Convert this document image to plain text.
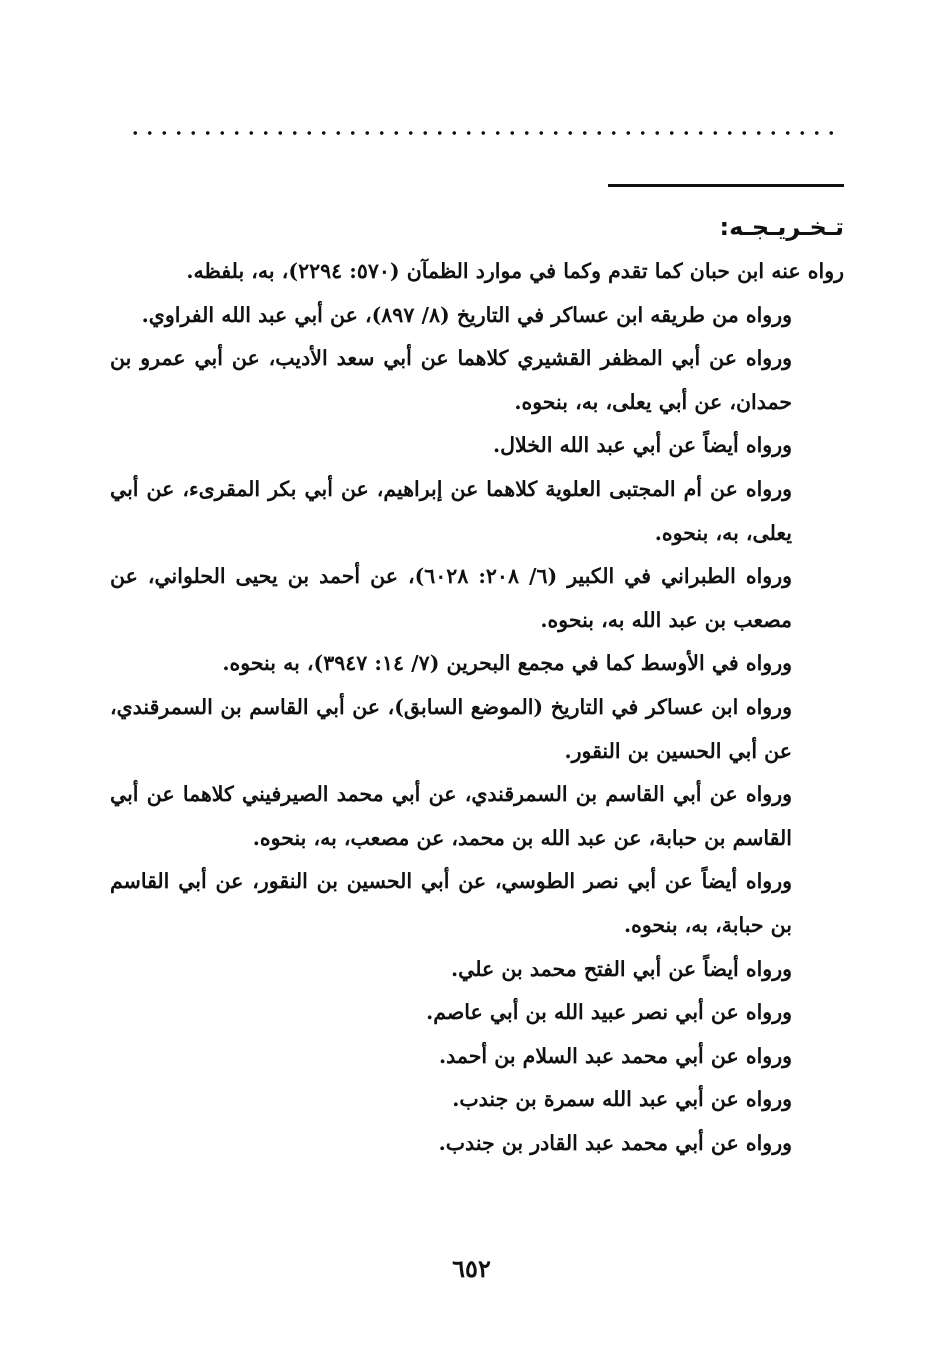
تـخـريـجـه:

رواه عنه ابن حبان كما تقدم وكما في موارد الظمآن (٥٧٠: ٢٢٩٤)، به، بلفظه.

ورواه من طريقه ابن عساكر في التاريخ (٨/ ٨٩٧)، عن أبي عبد الله الفراوي.

ورواه عن أبي المظفر القشيري كلاهما عن أبي سعد الأديب، عن أبي عمرو بن حمدان، عن أبي يعلى، به، بنحوه.

ورواه أيضاً عن أبي عبد الله الخلال.

ورواه عن أم المجتبى العلوية كلاهما عن إبراهيم، عن أبي بكر المقرىء، عن أبي يعلى، به، بنحوه.

ورواه الطبراني في الكبير (٦/ ٢٠٨: ٦٠٢٨)، عن أحمد بن يحيى الحلواني، عن مصعب بن عبد الله به، بنحوه.

ورواه في الأوسط كما في مجمع البحرين (٧/ ١٤: ٣٩٤٧)، به بنحوه.

ورواه ابن عساكر في التاريخ (الموضع السابق)، عن أبي القاسم بن السمرقندي، عن أبي الحسين بن النقور.

ورواه عن أبي القاسم بن السمرقندي، عن أبي محمد الصيرفيني كلاهما عن أبي القاسم بن حبابة، عن عبد الله بن محمد، عن مصعب، به، بنحوه.

ورواه أيضاً عن أبي نصر الطوسي، عن أبي الحسين بن النقور، عن أبي القاسم بن حبابة، به، بنحوه.

ورواه أيضاً عن أبي الفتح محمد بن علي.

ورواه عن أبي نصر عبيد الله بن أبي عاصم.

ورواه عن أبي محمد عبد السلام بن أحمد.

ورواه عن أبي عبد الله سمرة بن جندب.

ورواه عن أبي محمد عبد القادر بن جندب.

٦٥٢
